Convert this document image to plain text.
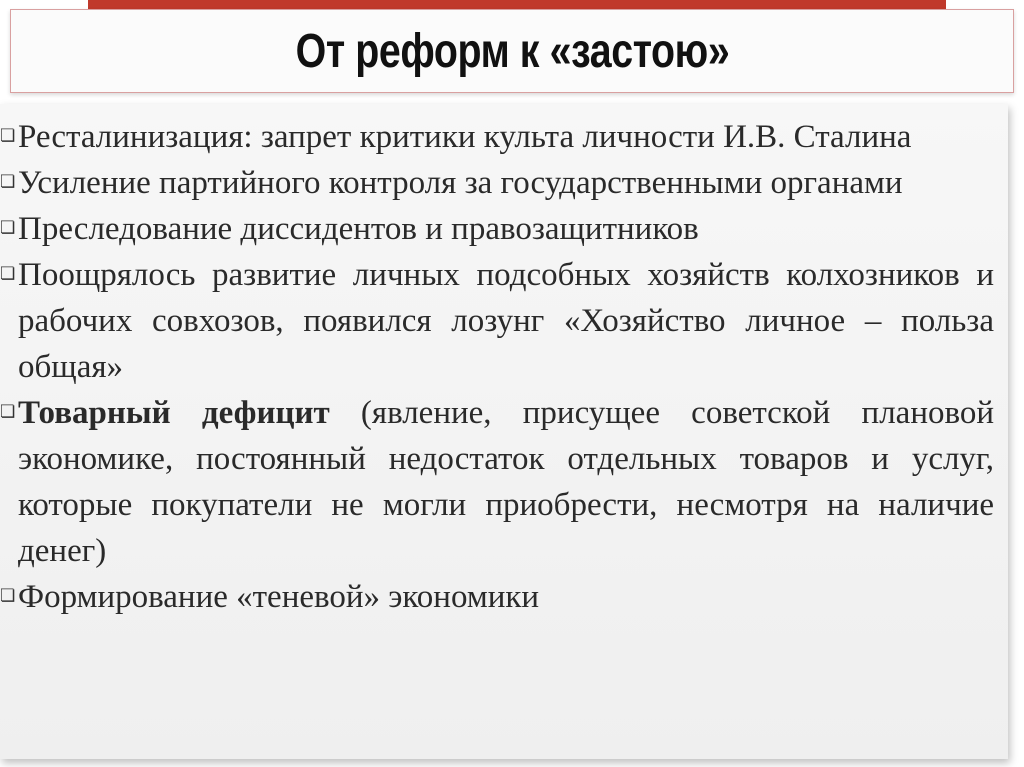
От реформ к «застою»

❏ Ресталинизация: запрет критики культа личности И.В. Сталина

❏ Усиление партийного контроля за государственными органами

❏ Преследование диссидентов и правозащитников

❏ Поощрялось развитие личных подсобных хозяйств колхозников и рабочих совхозов, появился лозунг «Хозяйство личное – польза общая»

❏ Товарный дефицит (явление, присущее советской плановой экономике, постоянный недостаток отдельных товаров и услуг, которые покупатели не могли приобрести, несмотря на наличие денег)

❏ Формирование «теневой» экономики
